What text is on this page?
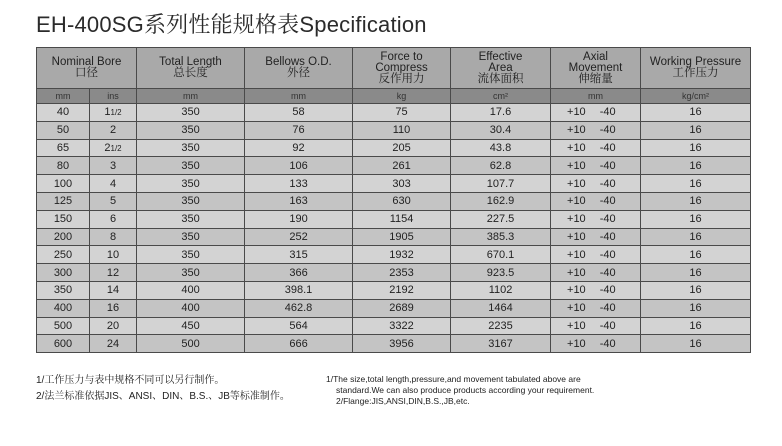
EH-400SG系列性能规格表Specification
Nominal Bore
口径		Total Length
总长度	Bellows O.D.
外径	Force to
Compress
反作用力	Effective
Area
流体面积	Axial
Movement
伸缩量	Working Pressure
工作压力

mm	ins	mm	mm	kg	cm²	mm	kg/cm²
40	11/2	350	58	75	17.6	+10 -40	16
50	2	350	76	110	30.4	+10 -40	16
65	21/2	350	92	205	43.8	+10 -40	16
80	3	350	106	261	62.8	+10 -40	16
100	4	350	133	303	107.7	+10 -40	16
125	5	350	163	630	162.9	+10 -40	16
150	6	350	190	1154	227.5	+10 -40	16
200	8	350	252	1905	385.3	+10 -40	16
250	10	350	315	1932	670.1	+10 -40	16
300	12	350	366	2353	923.5	+10 -40	16
350	14	400	398.1	2192	1102	+10 -40	16
400	16	400	462.8	2689	1464	+10 -40	16
500	20	450	564	3322	2235	+10 -40	16
600	24	500	666	3956	3167	+10 -40	16
1/工作压力与表中规格不同可以另行制作。
2/法兰标准依据JIS、ANSI、DIN、B.S.、JB等标准制作。
1/The size,total length,pressure,and movement tabulated above are
standard.We can also produce products according your requirement.
2/Flange:JIS,ANSI,DIN,B.S.,JB,etc.
